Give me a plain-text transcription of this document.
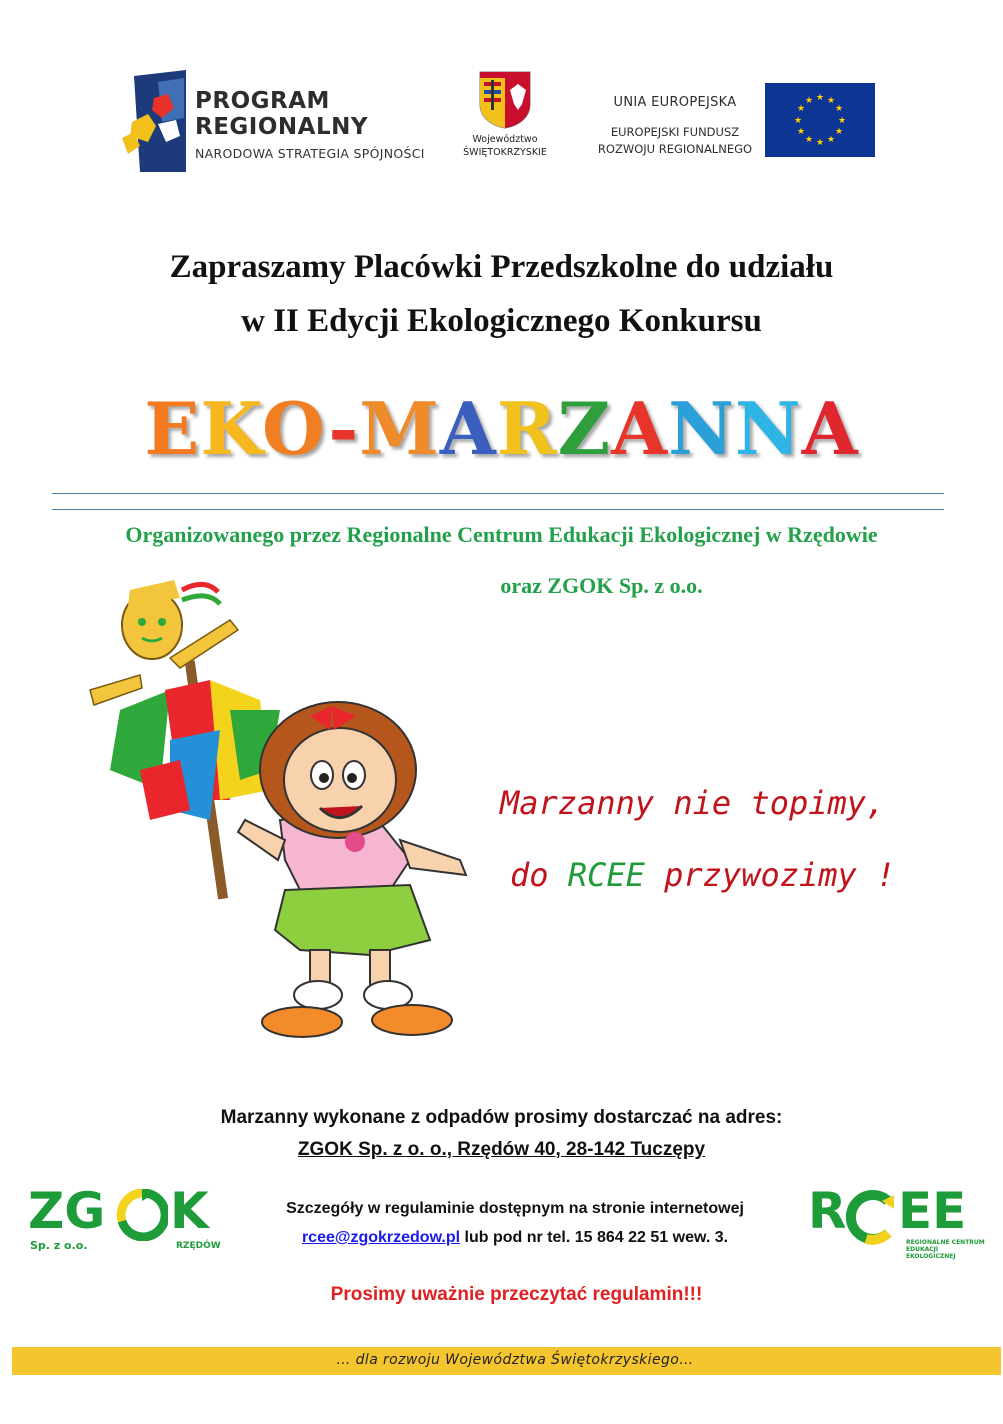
PROGRAM
REGIONALNY
NARODOWA STRATEGIA SPÓJNOŚCI
Województwo
ŚWIĘTOKRZYSKIE
UNIA EUROPEJSKA
EUROPEJSKI FUNDUSZ
ROZWOJU REGIONALNEGO
★ ★
★
★
★
★
★
★
★
★
★
★
Zapraszamy Placówki Przedszkolne do udziału
w II Edycji Ekologicznego Konkursu
EKO-MARZANNA
Organizowanego przez Regionalne Centrum Edukacji Ekologicznej w Rzędowie
oraz ZGOK Sp. z o.o.
Marzanny nie topimy,
do RCEE przywozimy !
Marzanny wykonane z odpadów prosimy dostarczać na adres:
ZGOK Sp. z o. o., Rzędów 40, 28-142 Tuczępy
ZG K
Sp. z o.o.	RZĘDÓW
Szczegóły w regulaminie dostępnym na stronie internetowej
rcee@zgokrzedow.pl lub pod nr tel. 15 864 22 51 wew. 3.	R EE
REGIONALNE CENTRUM EDUKACJI EKOLOGICZNEJ
Prosimy uważnie przeczytać regulamin!!!
… dla rozwoju Województwa Świętokrzyskiego…
